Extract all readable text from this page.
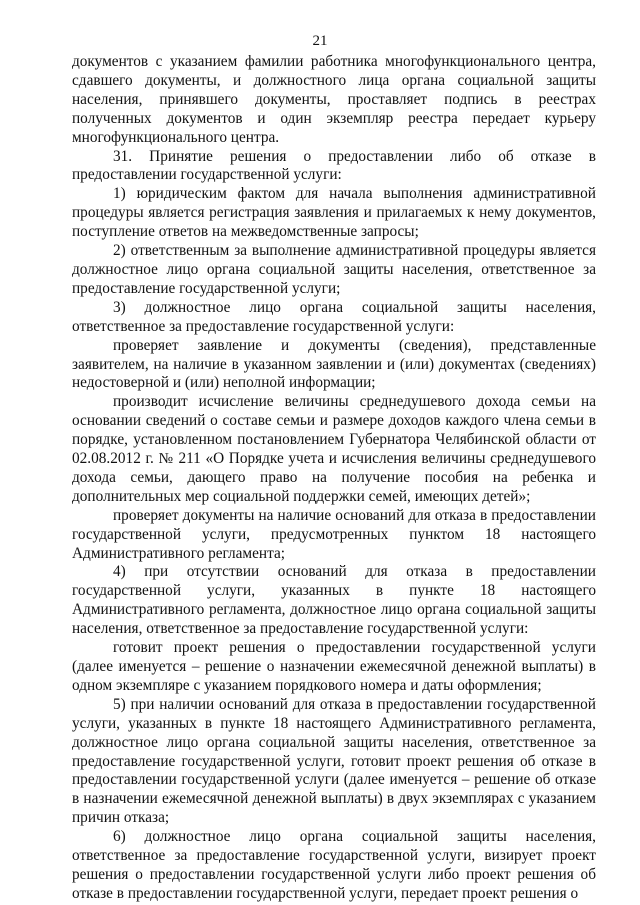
21

документов с указанием фамилии работника многофункционального центра, сдавшего документы, и должностного лица органа социальной защиты населения, принявшего документы, проставляет подпись в реестрах полученных документов и один экземпляр реестра передает курьеру многофункционального центра.

31. Принятие решения о предоставлении либо об отказе в предоставлении государственной услуги:

1) юридическим фактом для начала выполнения административной процедуры является регистрация заявления и прилагаемых к нему документов, поступление ответов на межведомственные запросы;

2) ответственным за выполнение административной процедуры является должностное лицо органа социальной защиты населения, ответственное за предоставление государственной услуги;

3) должностное лицо органа социальной защиты населения, ответственное за предоставление государственной услуги:

проверяет заявление и документы (сведения), представленные заявителем, на наличие в указанном заявлении и (или) документах (сведениях) недостоверной и (или) неполной информации;

производит исчисление величины среднедушевого дохода семьи на основании сведений о составе семьи и размере доходов каждого члена семьи в порядке, установленном постановлением Губернатора Челябинской области от 02.08.2012 г. № 211 «О Порядке учета и исчисления величины среднедушевого дохода семьи, дающего право на получение пособия на ребенка и дополнительных мер социальной поддержки семей, имеющих детей»;

проверяет документы на наличие оснований для отказа в предоставлении государственной услуги, предусмотренных пунктом 18 настоящего Административного регламента;

4) при отсутствии оснований для отказа в предоставлении государственной услуги, указанных в пункте 18 настоящего Административного регламента, должностное лицо органа социальной защиты населения, ответственное за предоставление государственной услуги:

готовит проект решения о предоставлении государственной услуги (далее именуется – решение о назначении ежемесячной денежной выплаты) в одном экземпляре с указанием порядкового номера и даты оформления;

5) при наличии оснований для отказа в предоставлении государственной услуги, указанных в пункте 18 настоящего Административного регламента, должностное лицо органа социальной защиты населения, ответственное за предоставление государственной услуги, готовит проект решения об отказе в предоставлении государственной услуги (далее именуется – решение об отказе в назначении ежемесячной денежной выплаты) в двух экземплярах с указанием причин отказа;

6) должностное лицо органа социальной защиты населения, ответственное за предоставление государственной услуги, визирует проект решения о предоставлении государственной услуги либо проект решения об отказе в предоставлении государственной услуги, передает проект решения о
